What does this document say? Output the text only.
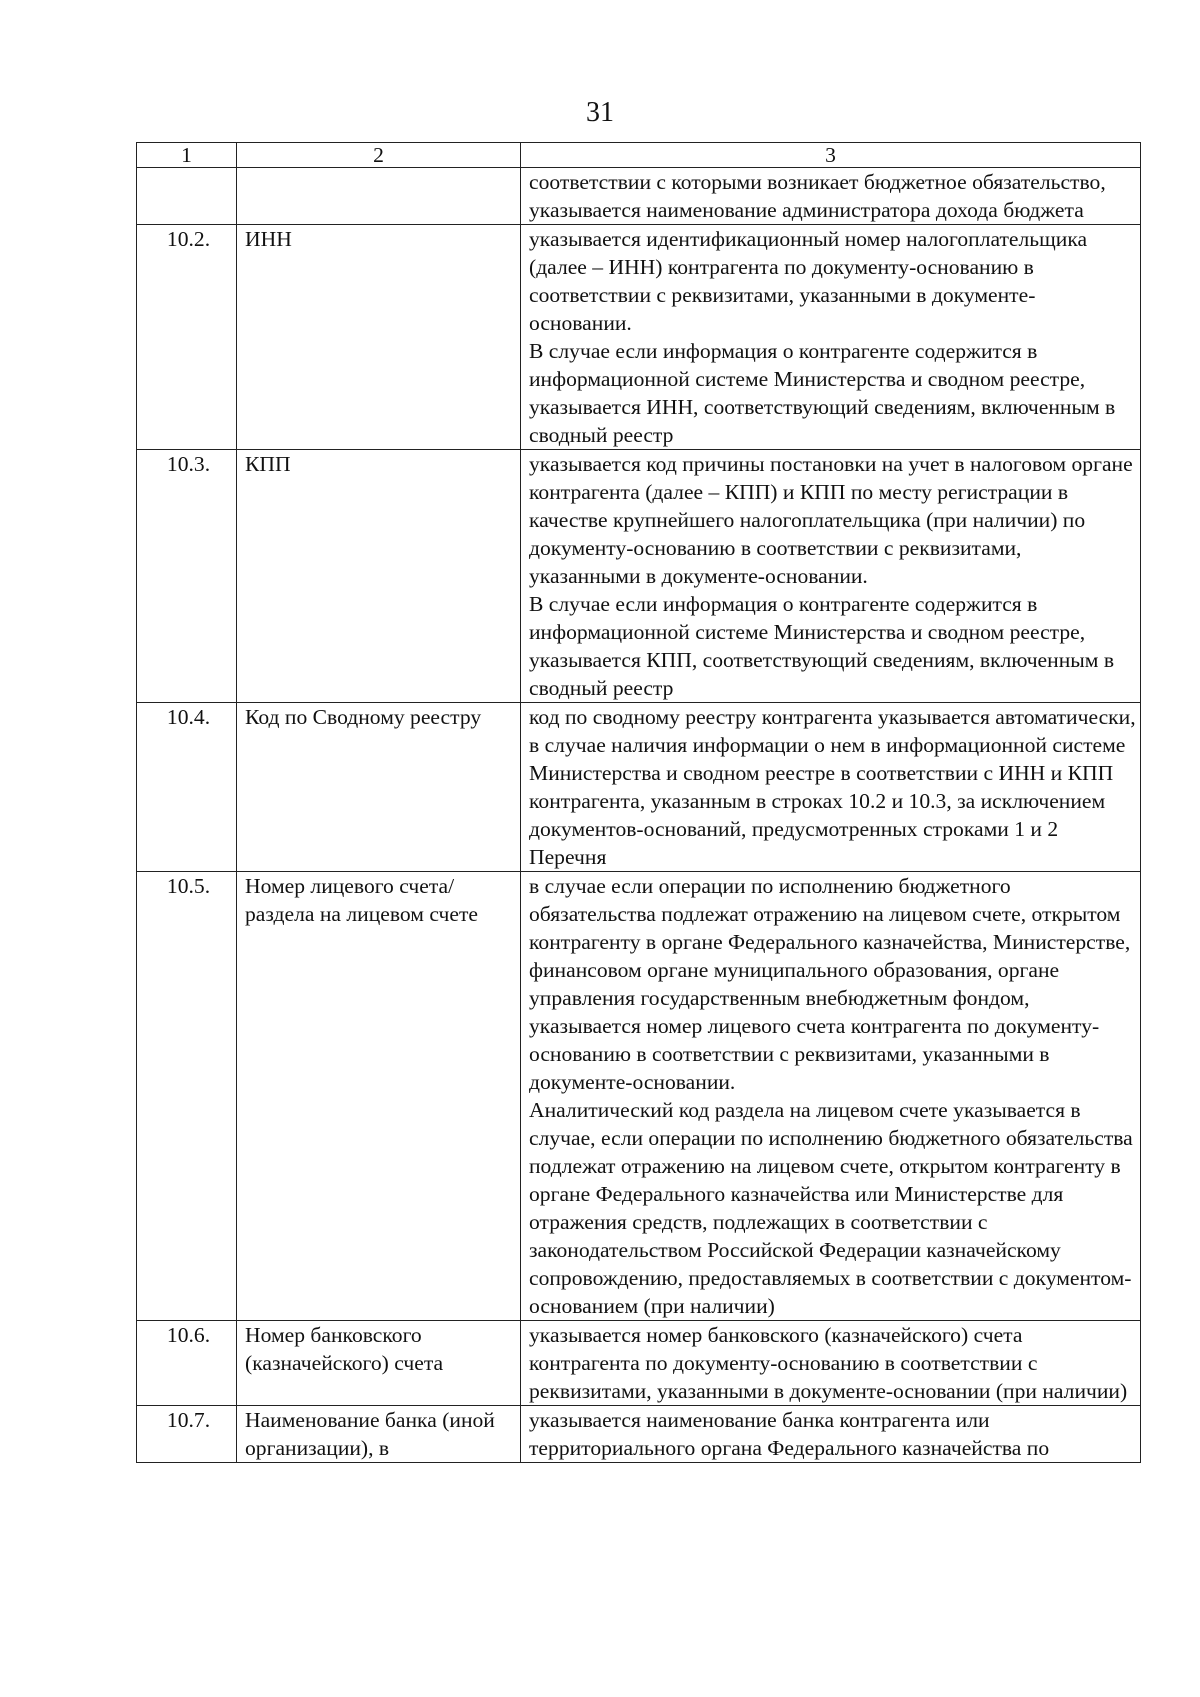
31
1	2	3

		соответствии с которыми возникает бюджетное обязательство, указывается наименование администратора дохода бюджета

10.2.	ИНН	указывается идентификационный номер налогоплательщика (далее – ИНН) контрагента по документу-основанию в соответствии с реквизитами, указанными в документе-основании.
В случае если информация о контрагенте содержится в информационной системе Министерства и сводном реестре, указывается ИНН, соответствующий сведениям, включенным в сводный реестр

10.3.	КПП	указывается код причины постановки на учет в налоговом органе контрагента (далее – КПП) и КПП по месту регистрации в качестве крупнейшего налогоплательщика (при наличии) по документу-основанию в соответствии с реквизитами, указанными в документе-основании.
В случае если информация о контрагенте содержится в информационной системе Министерства и сводном реестре, указывается КПП, соответствующий сведениям, включенным в сводный реестр

10.4.	Код по Сводному реестру	код по сводному реестру контрагента указывается автоматически, в случае наличия информации о нем в информационной системе Министерства и сводном реестре в соответствии с ИНН и КПП контрагента, указанным в строках 10.2 и 10.3, за исключением документов-оснований, предусмотренных строками 1 и 2 Перечня

10.5.	Номер лицевого счета/раздела на лицевом счете	в случае если операции по исполнению бюджетного обязательства подлежат отражению на лицевом счете, открытом контрагенту в органе Федерального казначейства, Министерстве, финансовом органе муниципального образования, органе управления государственным внебюджетным фондом, указывается номер лицевого счета контрагента по документу-основанию в соответствии с реквизитами, указанными в документе-основании.
Аналитический код раздела на лицевом счете указывается в случае, если операции по исполнению бюджетного обязательства подлежат отражению на лицевом счете, открытом контрагенту в органе Федерального казначейства или Министерстве для отражения средств, подлежащих в соответствии с законодательством Российской Федерации казначейскому сопровождению, предоставляемых в соответствии с документом-основанием (при наличии)

10.6.	Номер банковского (казначейского) счета	указывается номер банковского (казначейского) счета контрагента по документу-основанию в соответствии с реквизитами, указанными в документе-основании (при наличии)

10.7.	Наименование банка (иной организации), в	указывается наименование банка контрагента или территориального органа Федерального казначейства по
